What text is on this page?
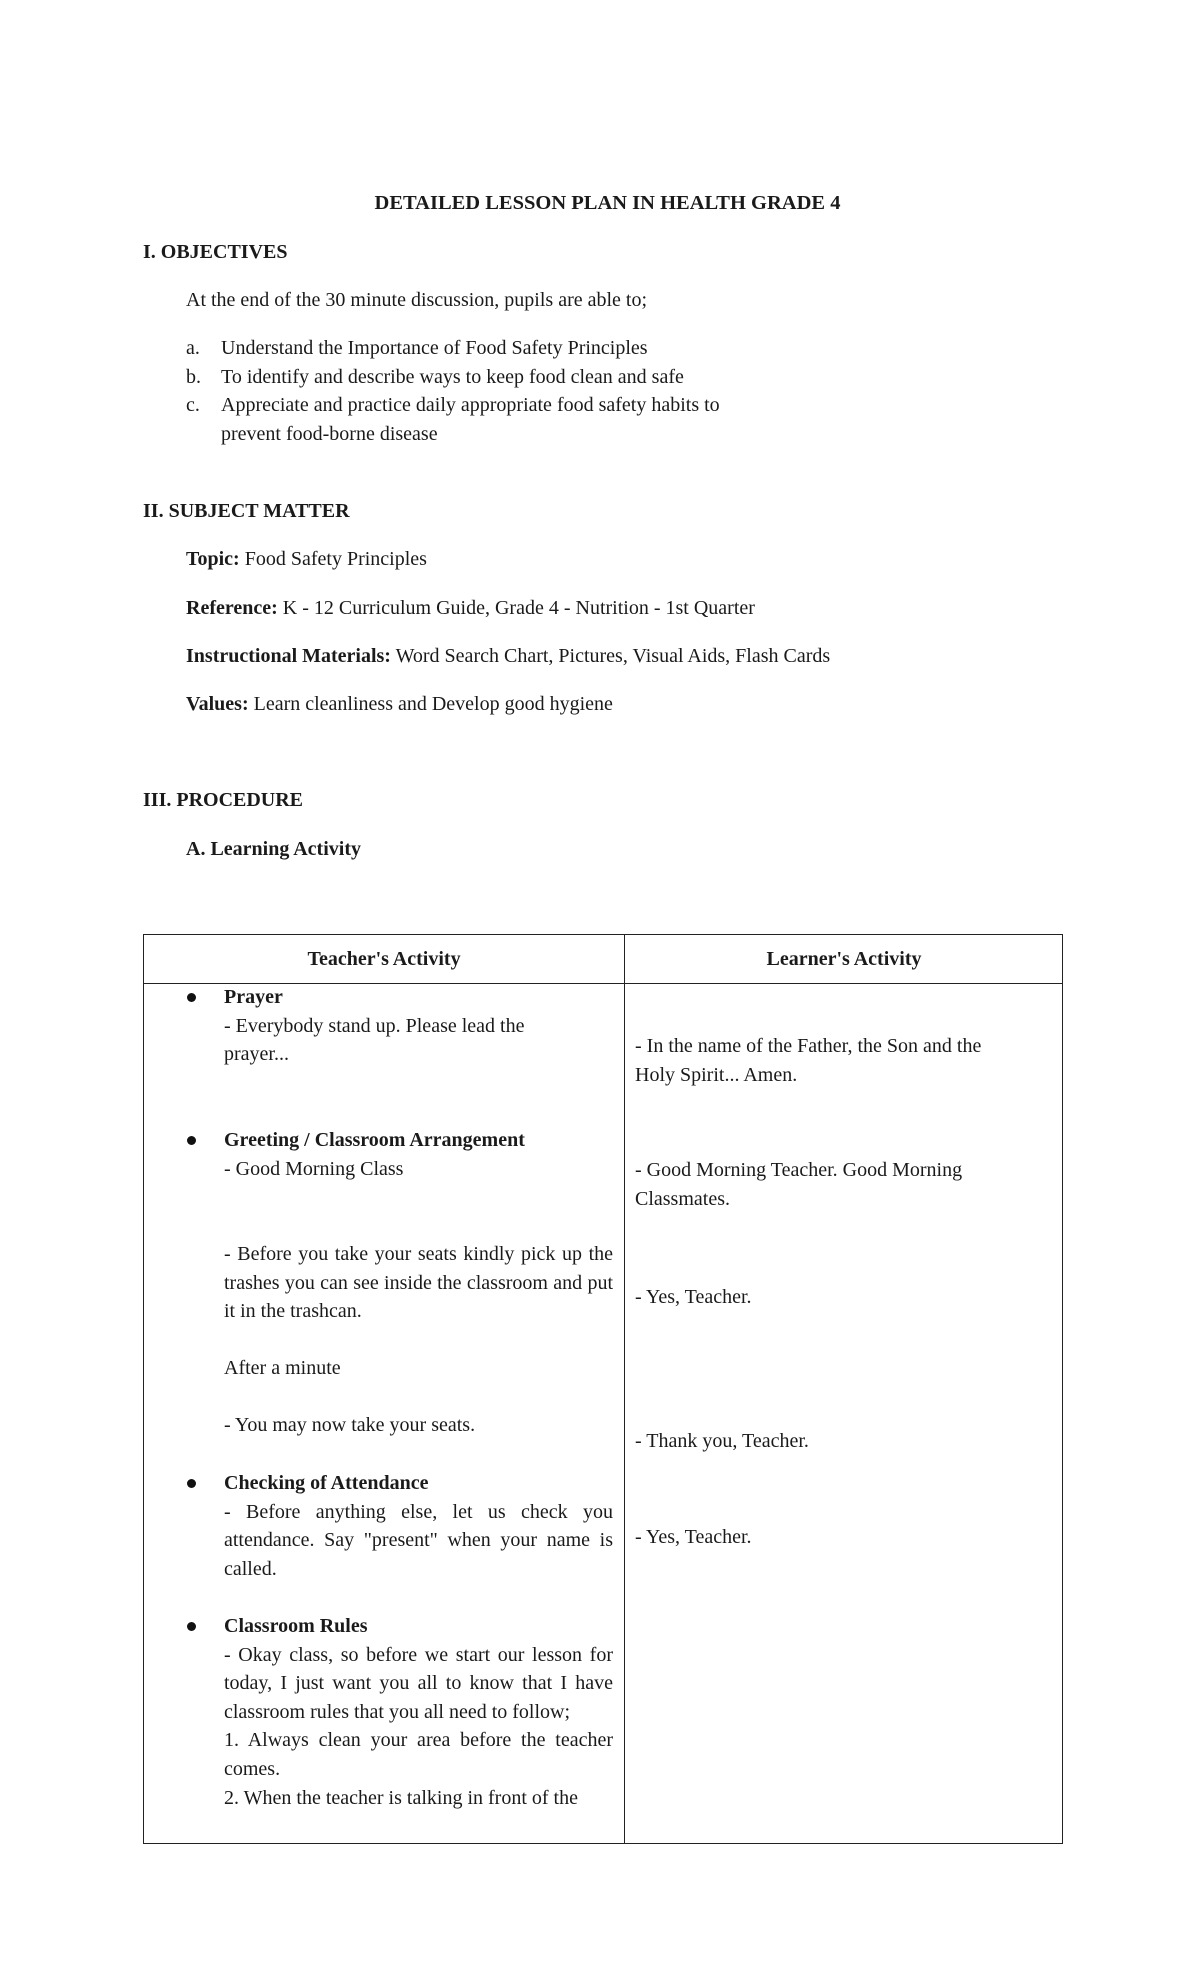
DETAILED LESSON PLAN IN HEALTH GRADE 4
I. OBJECTIVES
At the end of the 30 minute discussion, pupils are able to;
a. Understand the Importance of Food Safety Principles
b. To identify and describe ways to keep food clean and safe
c. Appreciate and practice daily appropriate food safety habits to
prevent food-borne disease
II. SUBJECT MATTER
Topic: Food Safety Principles
Reference: K - 12 Curriculum Guide, Grade 4 - Nutrition - 1st Quarter
Instructional Materials: Word Search Chart, Pictures, Visual Aids, Flash Cards
Values: Learn cleanliness and Develop good hygiene
III. PROCEDURE
A. Learning Activity
Teacher's Activity	Learner's Activity
Prayer
- Everybody stand up. Please lead the
prayer...
Greeting / Classroom Arrangement
- Good Morning Class
- Before you take your seats kindly pick up the trashes you can see inside the classroom and put it in the trashcan.
After a minute
- You may now take your seats.
Checking of Attendance
- Before anything else, let us check you attendance. Say "present" when your name is called.
Classroom Rules
- Okay class, so before we start our lesson for today, I just want you all to know that I have classroom rules that you all need to follow;
1. Always clean your area before the teacher comes.
2. When the teacher is talking in front of the
- In the name of the Father, the Son and the
Holy Spirit... Amen.
- Good Morning Teacher. Good Morning
Classmates.
- Yes, Teacher.
- Thank you, Teacher.
- Yes, Teacher.
